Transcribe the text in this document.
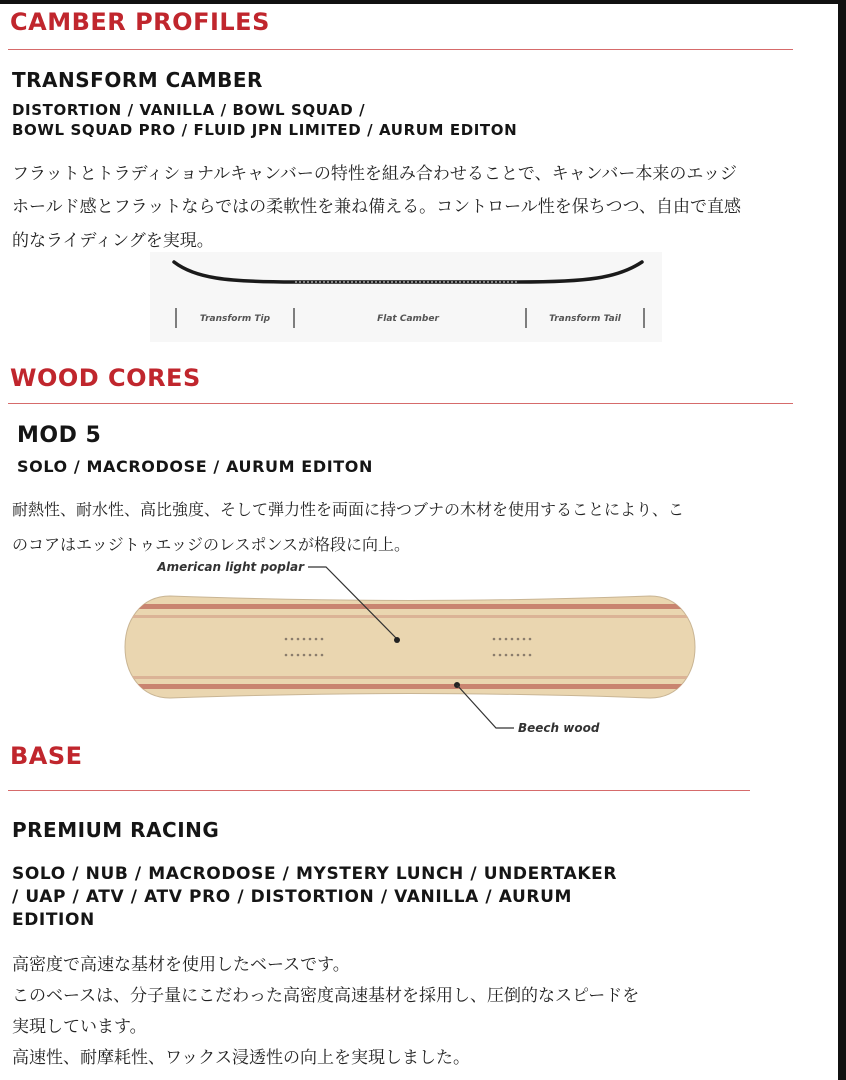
CAMBER PROFILES
TRANSFORM CAMBER

DISTORTION / VANILLA / BOWL SQUAD /

BOWL SQUAD PRO / FLUID JPN LIMITED / AURUM EDITON

フラットとトラディショナルキャンバーの特性を組み合わせることで、キャンバー本来のエッジ

ホールド感とフラットならではの柔軟性を兼ね備える。コントロール性を保ちつつ、自由で直感

的なライディングを実現。

Transform Tip	Flat Camber	Transform Tail
WOOD CORES
MOD 5

SOLO / MACRODOSE / AURUM EDITON

耐熱性、耐水性、高比強度、そして弾力性を両面に持つブナの木材を使用することにより、こ

のコアはエッジトゥエッジのレスポンスが格段に向上。

American light poplar
Beech wood
BASE
PREMIUM RACING

SOLO / NUB / MACRODOSE / MYSTERY LUNCH / UNDERTAKER

/ UAP / ATV / ATV PRO / DISTORTION / VANILLA / AURUM

EDITION

高密度で高速な基材を使用したベースです。

このベースは、分子量にこだわった高密度高速基材を採用し、圧倒的なスピードを

実現しています。

高速性、耐摩耗性、ワックス浸透性の向上を実現しました。
